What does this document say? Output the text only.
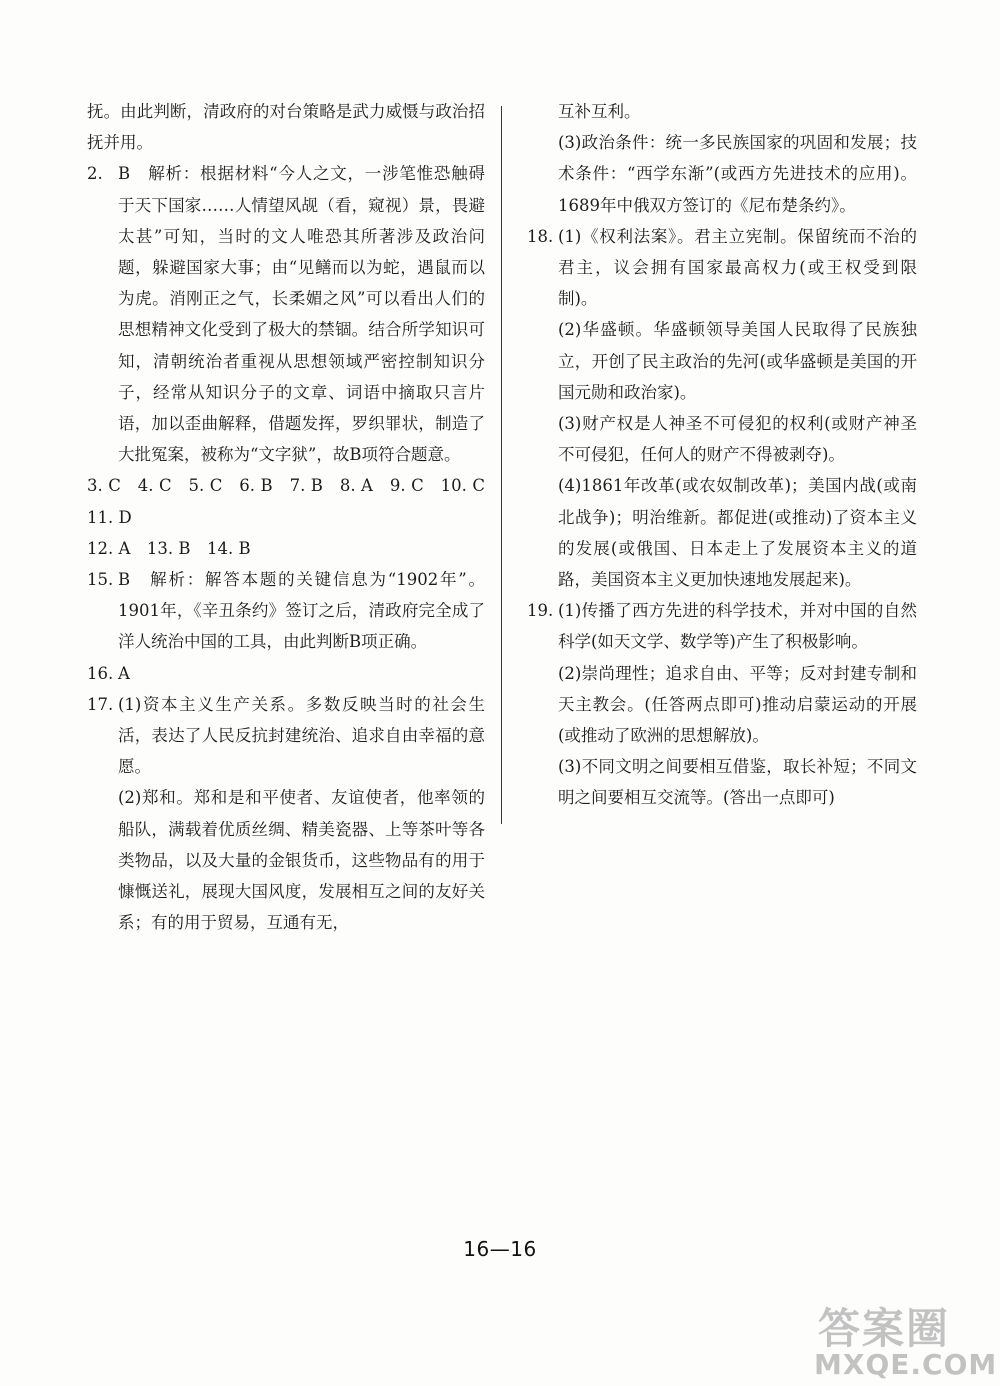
抚。由此判断，清政府的对台策略是武力威慑与政治招抚并用。

2. B　解析：根据材料“今人之文，一涉笔惟恐触碍于天下国家……人情望风觇（看，窥视）景，畏避太甚”可知，当时的文人唯恐其所著涉及政治问题，躲避国家大事；由“见鳝而以为蛇，遇鼠而以为虎。消刚正之气，长柔媚之风”可以看出人们的思想精神文化受到了极大的禁锢。结合所学知识可知，清朝统治者重视从思想领域严密控制知识分子，经常从知识分子的文章、词语中摘取只言片语，加以歪曲解释，借题发挥，罗织罪状，制造了大批冤案，被称为“文字狱”，故B项符合题意。

3. C　4. C　5. C　6. B　7. B　8. A　9. C　10. C　11. D

12. A　13. B　14. B

15. B　解析：解答本题的关键信息为“1902年”。1901年，《辛丑条约》签订之后，清政府完全成了洋人统治中国的工具，由此判断B项正确。
16. A
17. (1)资本主义生产关系。多数反映当时的社会生活，表达了人民反抗封建统治、追求自由幸福的意愿。

(2)郑和。郑和是和平使者、友谊使者，他率领的船队，满载着优质丝绸、精美瓷器、上等茶叶等各类物品，以及大量的金银货币，这些物品有的用于慷慨送礼，展现大国风度，发展相互之间的友好关系；有的用于贸易，互通有无，

互补互利。

(3)政治条件：统一多民族国家的巩固和发展；技术条件：“西学东渐”(或西方先进技术的应用)。1689年中俄双方签订的《尼布楚条约》。

18. (1)《权利法案》。君主立宪制。保留统而不治的君主，议会拥有国家最高权力(或王权受到限制)。

(2)华盛顿。华盛顿领导美国人民取得了民族独立，开创了民主政治的先河(或华盛顿是美国的开国元勋和政治家)。

(3)财产权是人神圣不可侵犯的权利(或财产神圣不可侵犯，任何人的财产不得被剥夺)。

(4)1861年改革(或农奴制改革)；美国内战(或南北战争)；明治维新。都促进(或推动)了资本主义的发展(或俄国、日本走上了发展资本主义的道路，美国资本主义更加快速地发展起来)。

19. (1)传播了西方先进的科学技术，并对中国的自然科学(如天文学、数学等)产生了积极影响。

(2)崇尚理性；追求自由、平等；反对封建专制和天主教会。(任答两点即可)推动启蒙运动的开展(或推动了欧洲的思想解放)。

(3)不同文明之间要相互借鉴，取长补短；不同文明之间要相互交流等。(答出一点即可)

16—16
答案圈
MXQE.COM
